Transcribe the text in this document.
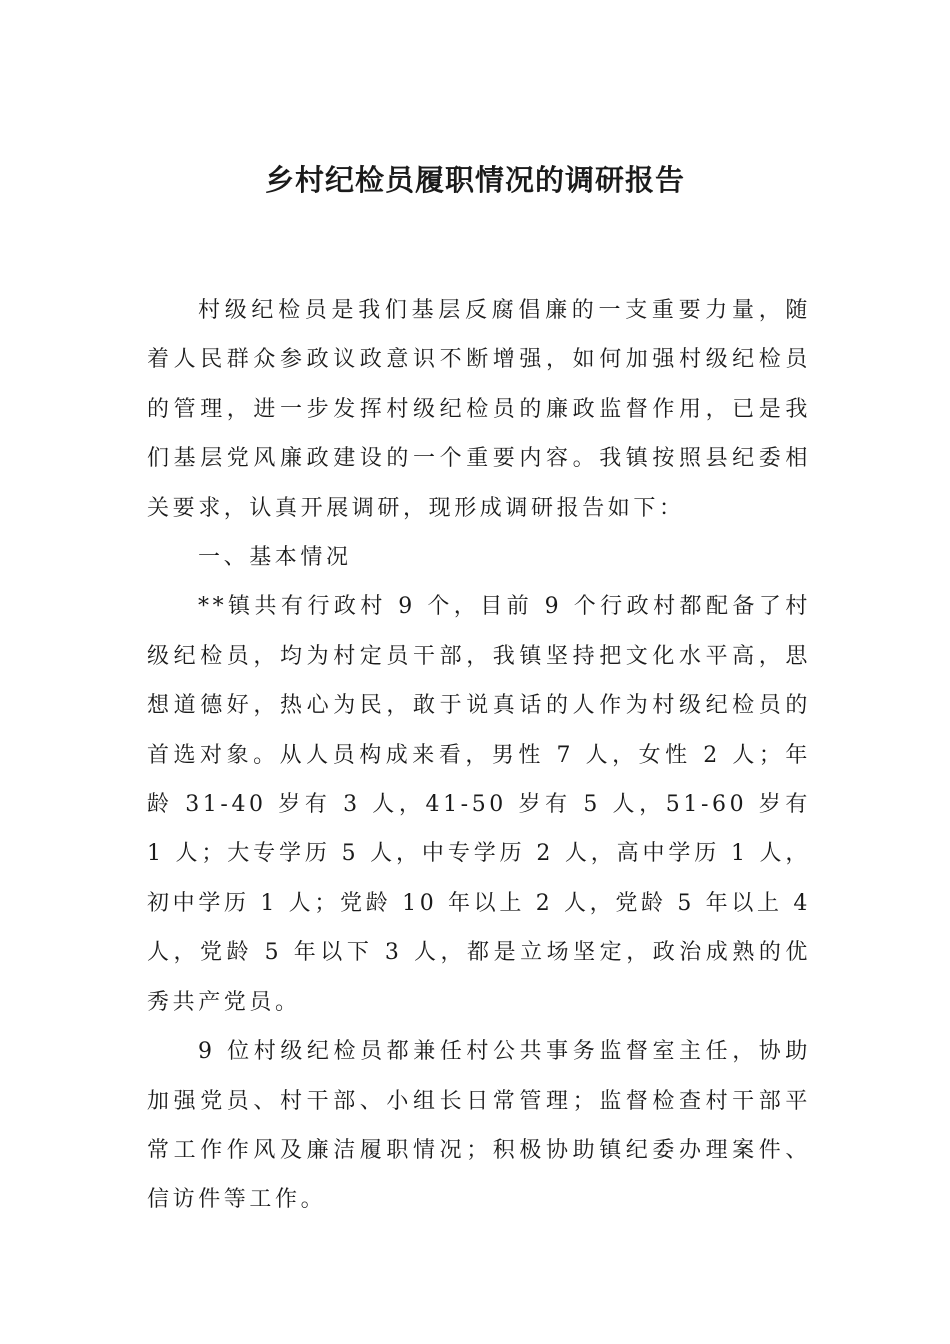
乡村纪检员履职情况的调研报告

村级纪检员是我们基层反腐倡廉的一支重要力量，随着人民群众参政议政意识不断增强，如何加强村级纪检员的管理，进一步发挥村级纪检员的廉政监督作用，已是我们基层党风廉政建设的一个重要内容。我镇按照县纪委相关要求，认真开展调研，现形成调研报告如下：

一、基本情况

**镇共有行政村 9 个，目前 9 个行政村都配备了村级纪检员，均为村定员干部，我镇坚持把文化水平高，思想道德好，热心为民，敢于说真话的人作为村级纪检员的首选对象。从人员构成来看，男性 7 人，女性 2 人；年龄 31-40 岁有 3 人，41-50 岁有 5 人，51-60 岁有 1 人；大专学历 5 人，中专学历 2 人，高中学历 1 人，初中学历 1 人；党龄 10 年以上 2 人，党龄 5 年以上 4 人，党龄 5 年以下 3 人，都是立场坚定，政治成熟的优秀共产党员。

9 位村级纪检员都兼任村公共事务监督室主任，协助加强党员、村干部、小组长日常管理；监督检查村干部平常工作作风及廉洁履职情况；积极协助镇纪委办理案件、信访件等工作。
